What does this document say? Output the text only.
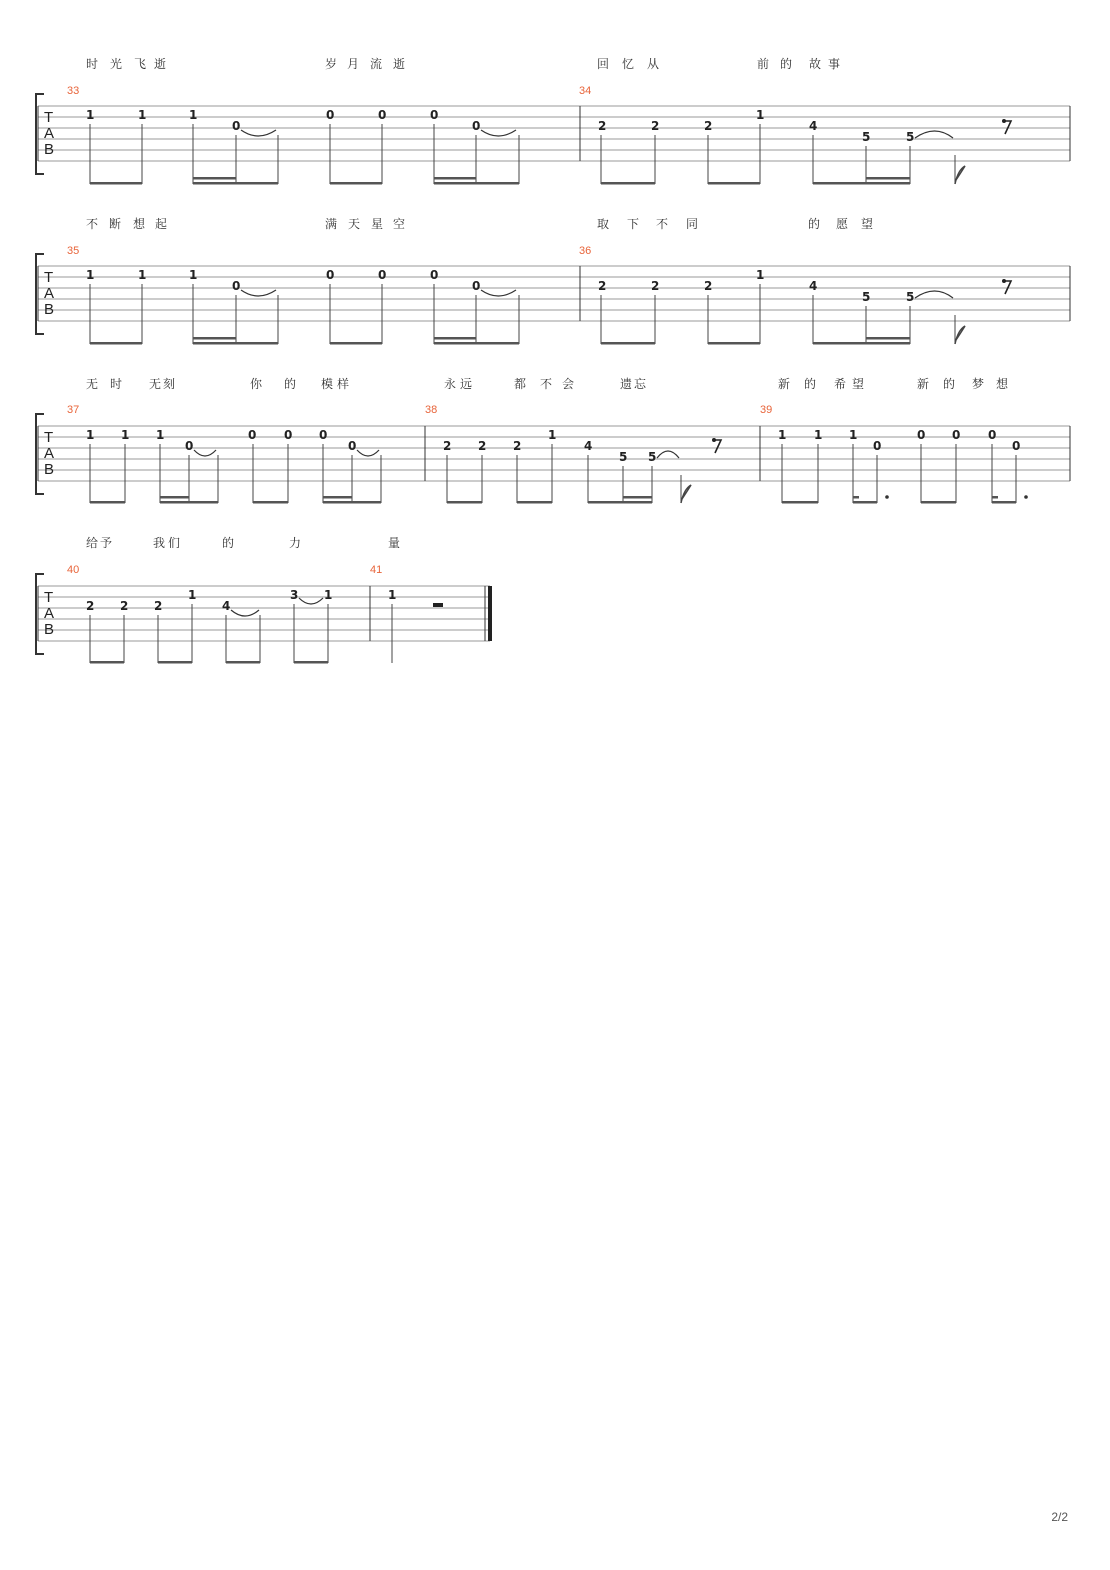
T
A
B
33	34
时 光 飞 逝	岁 月 流 逝	回 忆 从	前 的 故 事
1	1	1
0
0	0	0
0	2	2	2
1
4
5	5
T
A
B
35	36
不 断 想 起	满 天 星 空	取 下 不 同	的 愿 望
1	1	1
0
0	0	0
0	2	2	2
1
4
5	5
T
A
B
37	38	39
无 时 无 刻	你 的 模 样	永 远	都 不 会	遗 忘	新 的 希 望	新 的 梦 想
1 1 1
0
0 0 0
0	2 2 2
1
4
5 5
1 1 1
0
0 0 0
0
T
A
B
40	41
给 予	我 们	的	力	量
2 2 2
1
4
3 1	1
2/2
